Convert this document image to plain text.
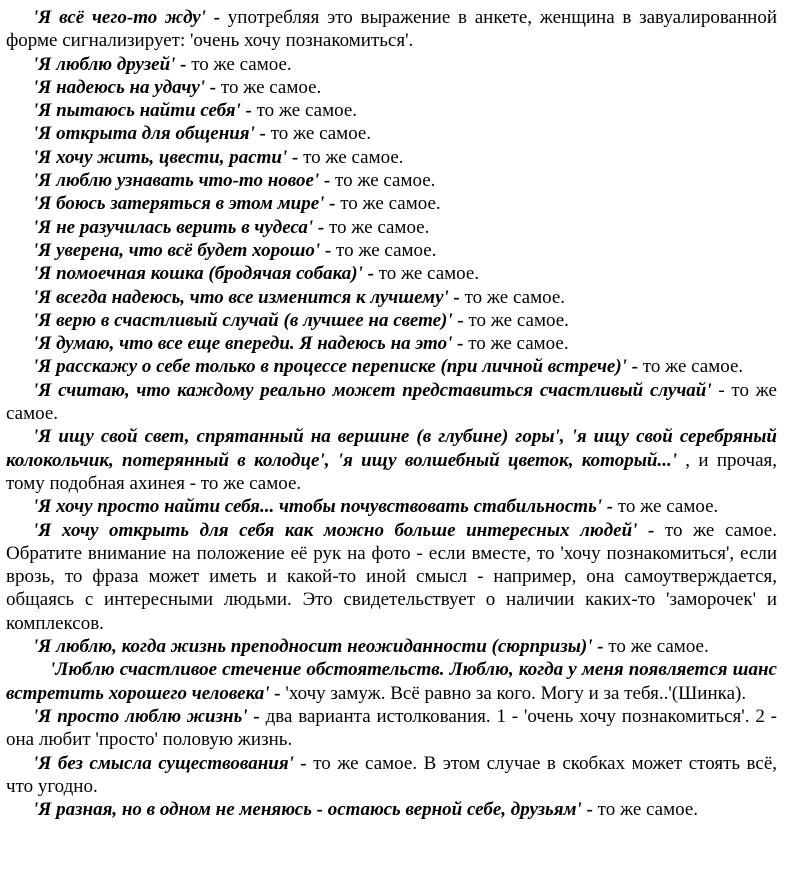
'Я всё чего-то жду' - употребляя это выражение в анкете, женщина в завуалированной форме сигнализирует: 'очень хочу познакомиться'.

'Я люблю друзей' - то же самое.

'Я надеюсь на удачу' - то же самое.

'Я пытаюсь найти себя' - то же самое.

'Я открыта для общения' - то же самое.

'Я хочу жить, цвести, расти' - то же самое.

'Я люблю узнавать что-то новое' - то же самое.

'Я боюсь затеряться в этом мире' - то же самое.

'Я не разучилась верить в чудеса' - то же самое.

'Я уверена, что всё будет хорошо' - то же самое.

'Я помоечная кошка (бродячая собака)' - то же самое.

'Я всегда надеюсь, что все изменится к лучшему' - то же самое.

'Я верю в счастливый случай (в лучшее на свете)' - то же самое.

'Я думаю, что все еще впереди. Я надеюсь на это' - то же самое.

'Я расскажу о себе только в процессе переписке (при личной встрече)' - то же самое.

'Я считаю, что каждому реально может представиться счастливый случай' - то же самое.

'Я ищу свой свет, спрятанный на вершине (в глубине) горы', 'я ищу свой серебряный колокольчик, потерянный в колодце', 'я ищу волшебный цветок, который...' , и прочая, тому подобная ахинея - то же самое.

'Я хочу просто найти себя... чтобы почувствовать стабильность' - то же самое.

'Я хочу открыть для себя как можно больше интересных людей' - то же самое. Обратите внимание на положение её рук на фото - если вместе, то 'хочу познакомиться', если врозь, то фраза может иметь и какой-то иной смысл - например, она самоутверждается, общаясь с интересными людьми. Это свидетельствует о наличии каких-то 'заморочек' и комплексов.

'Я люблю, когда жизнь преподносит неожиданности (сюрпризы)' - то же самое.

'Люблю счастливое стечение обстоятельств. Люблю, когда у меня появляется шанс встретить хорошего человека' - 'хочу замуж. Всё равно за кого. Могу и за тебя..'(Шинка).

'Я просто люблю жизнь' - два варианта истолкования. 1 - 'очень хочу познакомиться'. 2 - она любит 'просто' половую жизнь.

'Я без смысла существования' - то же самое. В этом случае в скобках может стоять всё, что угодно.

'Я разная, но в одном не меняюсь - остаюсь верной себе, друзьям' - то же самое.
